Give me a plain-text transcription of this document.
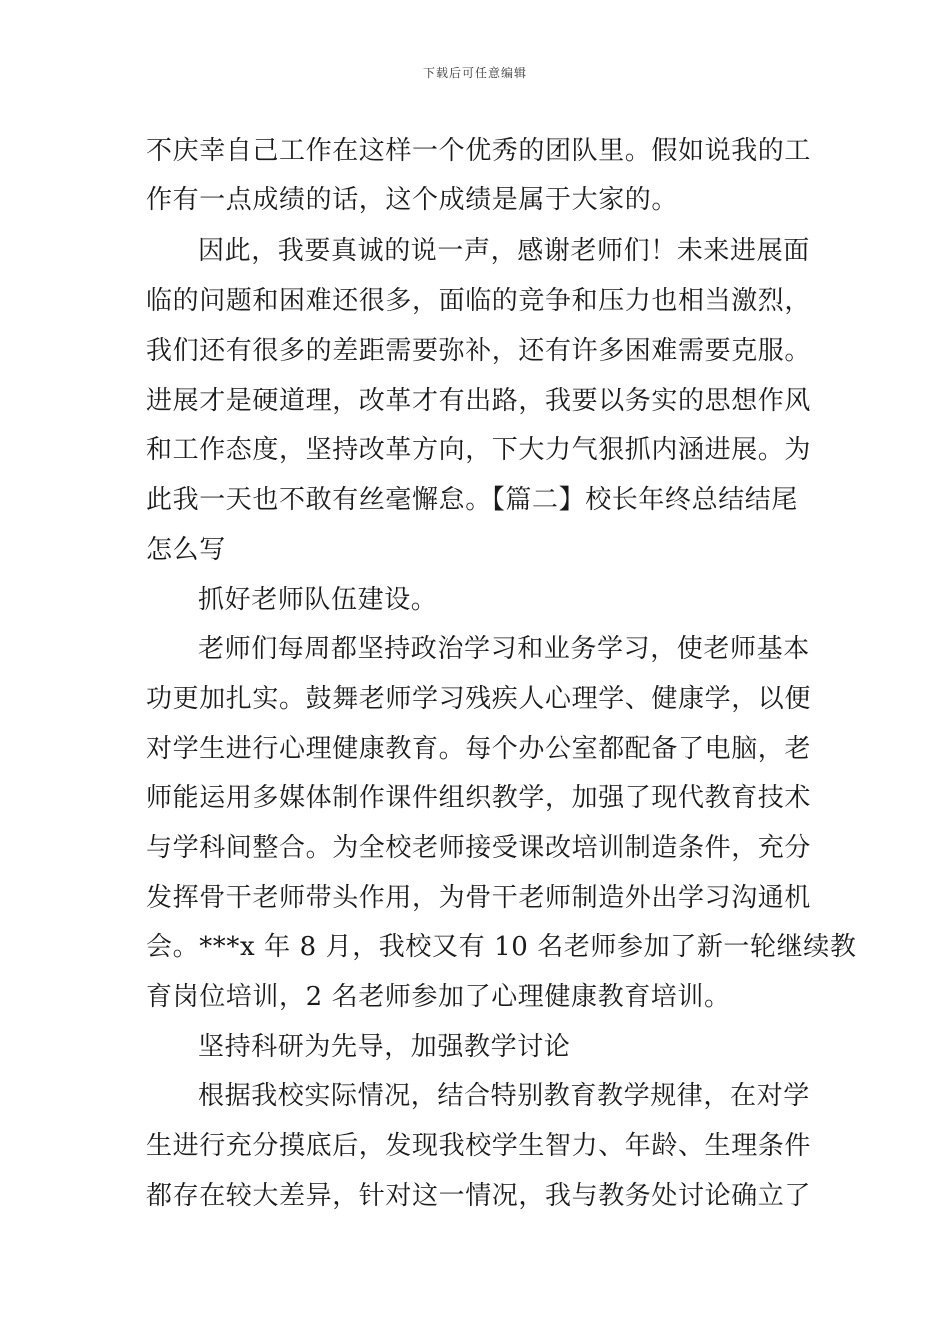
下载后可任意编辑
不庆幸自己工作在这样一个优秀的团队里。假如说我的工
作有一点成绩的话，这个成绩是属于大家的。
因此，我要真诚的说一声，感谢老师们！未来进展面
临的问题和困难还很多，面临的竞争和压力也相当激烈，
我们还有很多的差距需要弥补，还有许多困难需要克服。
进展才是硬道理，改革才有出路，我要以务实的思想作风
和工作态度，坚持改革方向，下大力气狠抓内涵进展。为
此我一天也不敢有丝毫懈怠。【篇二】校长年终总结结尾
怎么写
抓好老师队伍建设。
老师们每周都坚持政治学习和业务学习，使老师基本
功更加扎实。鼓舞老师学习残疾人心理学、健康学，以便
对学生进行心理健康教育。每个办公室都配备了电脑，老
师能运用多媒体制作课件组织教学，加强了现代教育技术
与学科间整合。为全校老师接受课改培训制造条件，充分
发挥骨干老师带头作用，为骨干老师制造外出学习沟通机
会。***x 年 8 月，我校又有 10 名老师参加了新一轮继续教
育岗位培训，2 名老师参加了心理健康教育培训。
坚持科研为先导，加强教学讨论
根据我校实际情况，结合特别教育教学规律，在对学
生进行充分摸底后，发现我校学生智力、年龄、生理条件
都存在较大差异，针对这一情况，我与教务处讨论确立了
